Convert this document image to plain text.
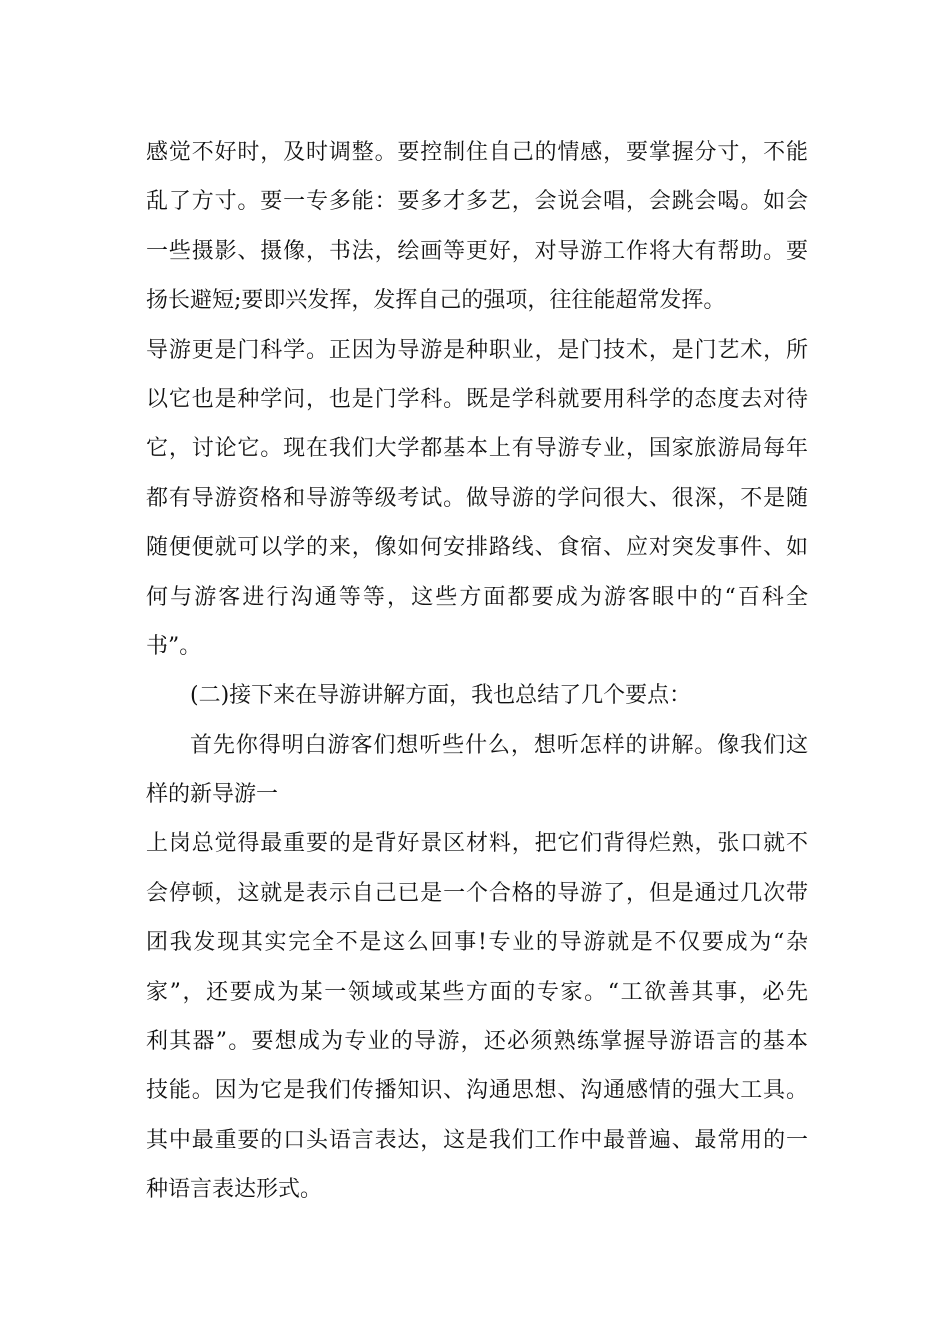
感觉不好时，及时调整。要控制住自己的情感，要掌握分寸，不能
乱了方寸。要一专多能：要多才多艺，会说会唱，会跳会喝。如会
一些摄影、摄像，书法，绘画等更好，对导游工作将大有帮助。要
扬长避短;要即兴发挥，发挥自己的强项，往往能超常发挥。
导游更是门科学。正因为导游是种职业，是门技术，是门艺术，所
以它也是种学问，也是门学科。既是学科就要用科学的态度去对待
它，讨论它。现在我们大学都基本上有导游专业，国家旅游局每年
都有导游资格和导游等级考试。做导游的学问很大、很深，不是随
随便便就可以学的来，像如何安排路线、食宿、应对突发事件、如
何与游客进行沟通等等，这些方面都要成为游客眼中的“百科全
书”。
(二)接下来在导游讲解方面，我也总结了几个要点：
首先你得明白游客们想听些什么，想听怎样的讲解。像我们这
样的新导游一
上岗总觉得最重要的是背好景区材料，把它们背得烂熟，张口就不
会停顿，这就是表示自己已是一个合格的导游了，但是通过几次带
团我发现其实完全不是这么回事!专业的导游就是不仅要成为“杂
家”，还要成为某一领域或某些方面的专家。“工欲善其事，必先
利其器”。要想成为专业的导游，还必须熟练掌握导游语言的基本
技能。因为它是我们传播知识、沟通思想、沟通感情的强大工具。
其中最重要的口头语言表达，这是我们工作中最普遍、最常用的一
种语言表达形式。
